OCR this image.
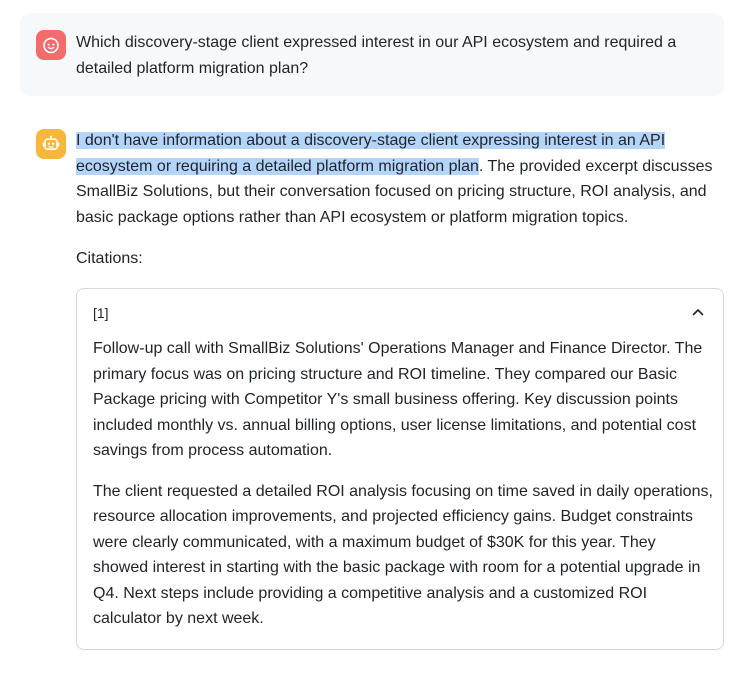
Which discovery-stage client expressed interest in our API ecosystem and required a detailed platform migration plan?
I don't have information about a discovery-stage client expressing interest in an API ecosystem or requiring a detailed platform migration plan. The provided excerpt discusses SmallBiz Solutions, but their conversation focused on pricing structure, ROI analysis, and basic package options rather than API ecosystem or platform migration topics.
Citations:
[1]

Follow-up call with SmallBiz Solutions' Operations Manager and Finance Director. The primary focus was on pricing structure and ROI timeline. They compared our Basic Package pricing with Competitor Y's small business offering. Key discussion points included monthly vs. annual billing options, user license limitations, and potential cost savings from process automation.

The client requested a detailed ROI analysis focusing on time saved in daily operations, resource allocation improvements, and projected efficiency gains. Budget constraints were clearly communicated, with a maximum budget of $30K for this year. They showed interest in starting with the basic package with room for a potential upgrade in Q4. Next steps include providing a competitive analysis and a customized ROI calculator by next week.
